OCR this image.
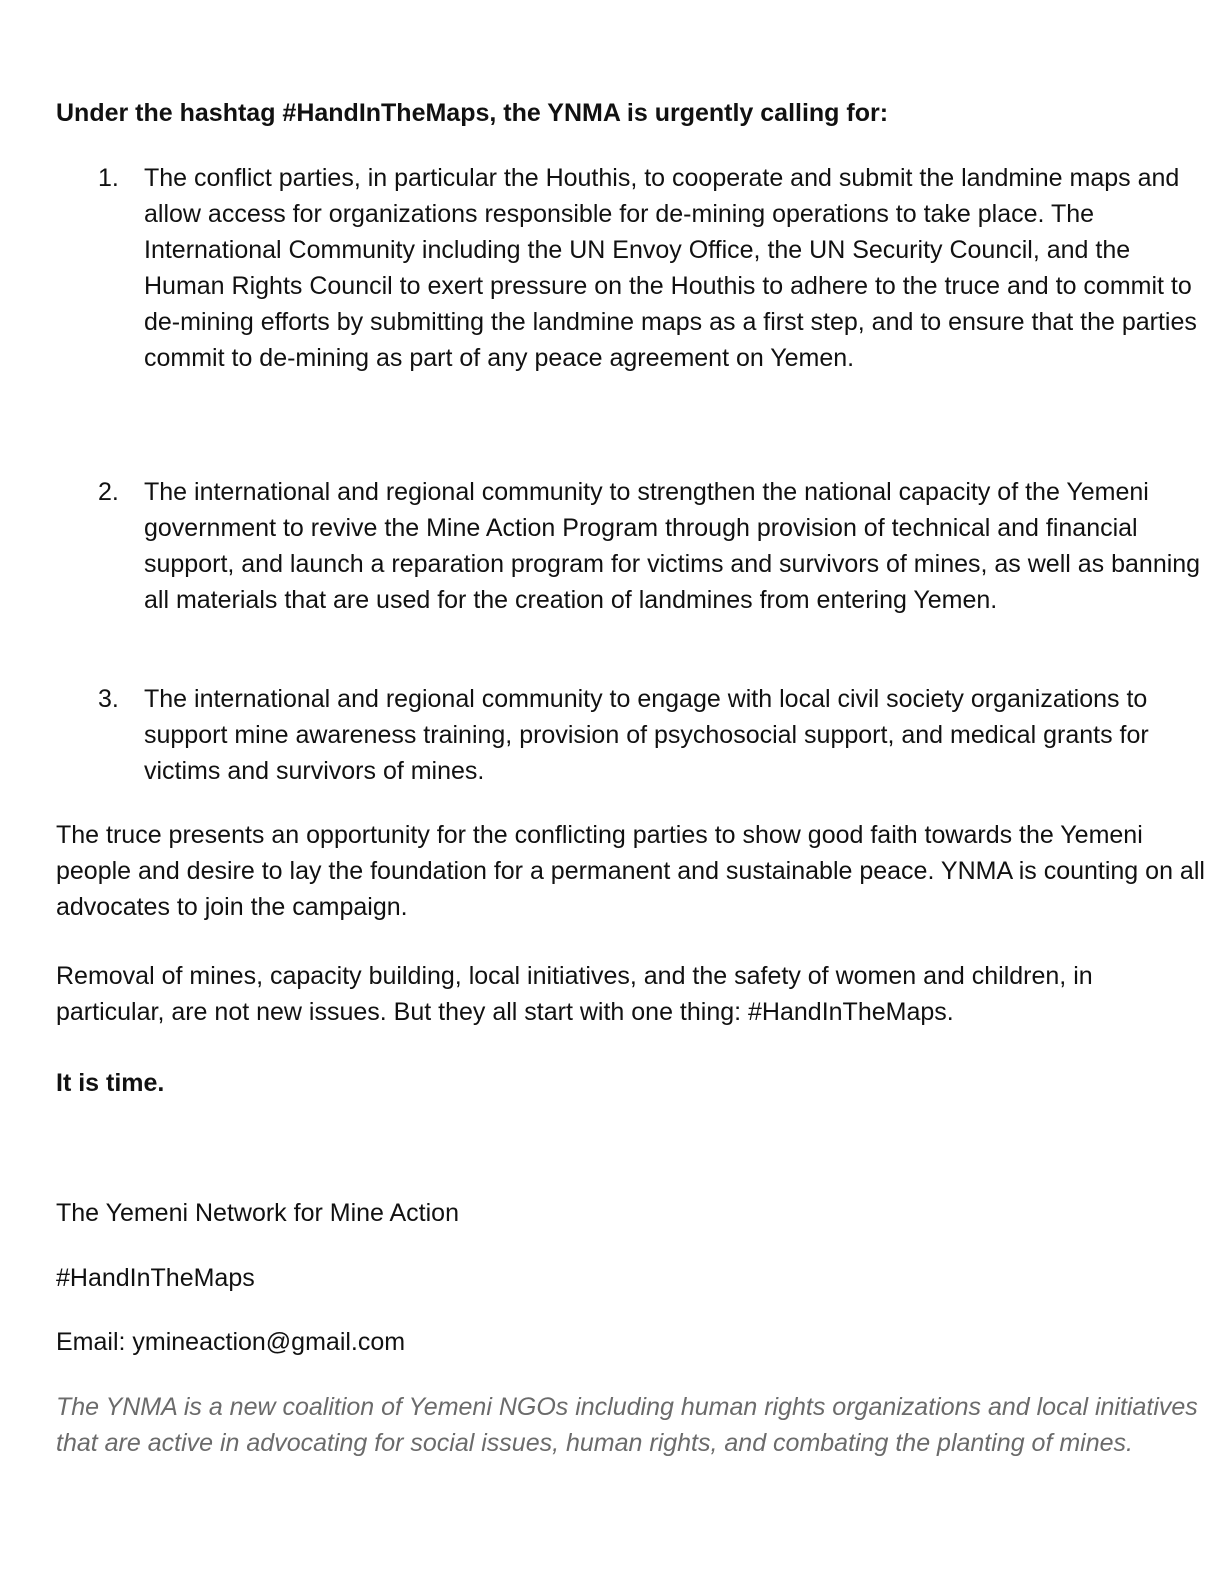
Under the hashtag #HandInTheMaps, the YNMA is urgently calling for:

1. The conflict parties, in particular the Houthis, to cooperate and submit the landmine maps and allow access for organizations responsible for de-mining operations to take place. The International Community including the UN Envoy Office, the UN Security Council, and the Human Rights Council to exert pressure on the Houthis to adhere to the truce and to commit to de-mining efforts by submitting the landmine maps as a first step, and to ensure that the parties commit to de-mining as part of any peace agreement on Yemen.
2. The international and regional community to strengthen the national capacity of the Yemeni government to revive the Mine Action Program through provision of technical and financial support, and launch a reparation program for victims and survivors of mines, as well as banning all materials that are used for the creation of landmines from entering Yemen.
3. The international and regional community to engage with local civil society organizations to support mine awareness training, provision of psychosocial support, and medical grants for victims and survivors of mines.

The truce presents an opportunity for the conflicting parties to show good faith towards the Yemeni people and desire to lay the foundation for a permanent and sustainable peace. YNMA is counting on all advocates to join the campaign.

Removal of mines, capacity building, local initiatives, and the safety of women and children, in particular, are not new issues. But they all start with one thing: #HandInTheMaps.

It is time.

The Yemeni Network for Mine Action

#HandInTheMaps

Email: ymineaction@gmail.com

The YNMA is a new coalition of Yemeni NGOs including human rights organizations and local initiatives that are active in advocating for social issues, human rights, and combating the planting of mines.
